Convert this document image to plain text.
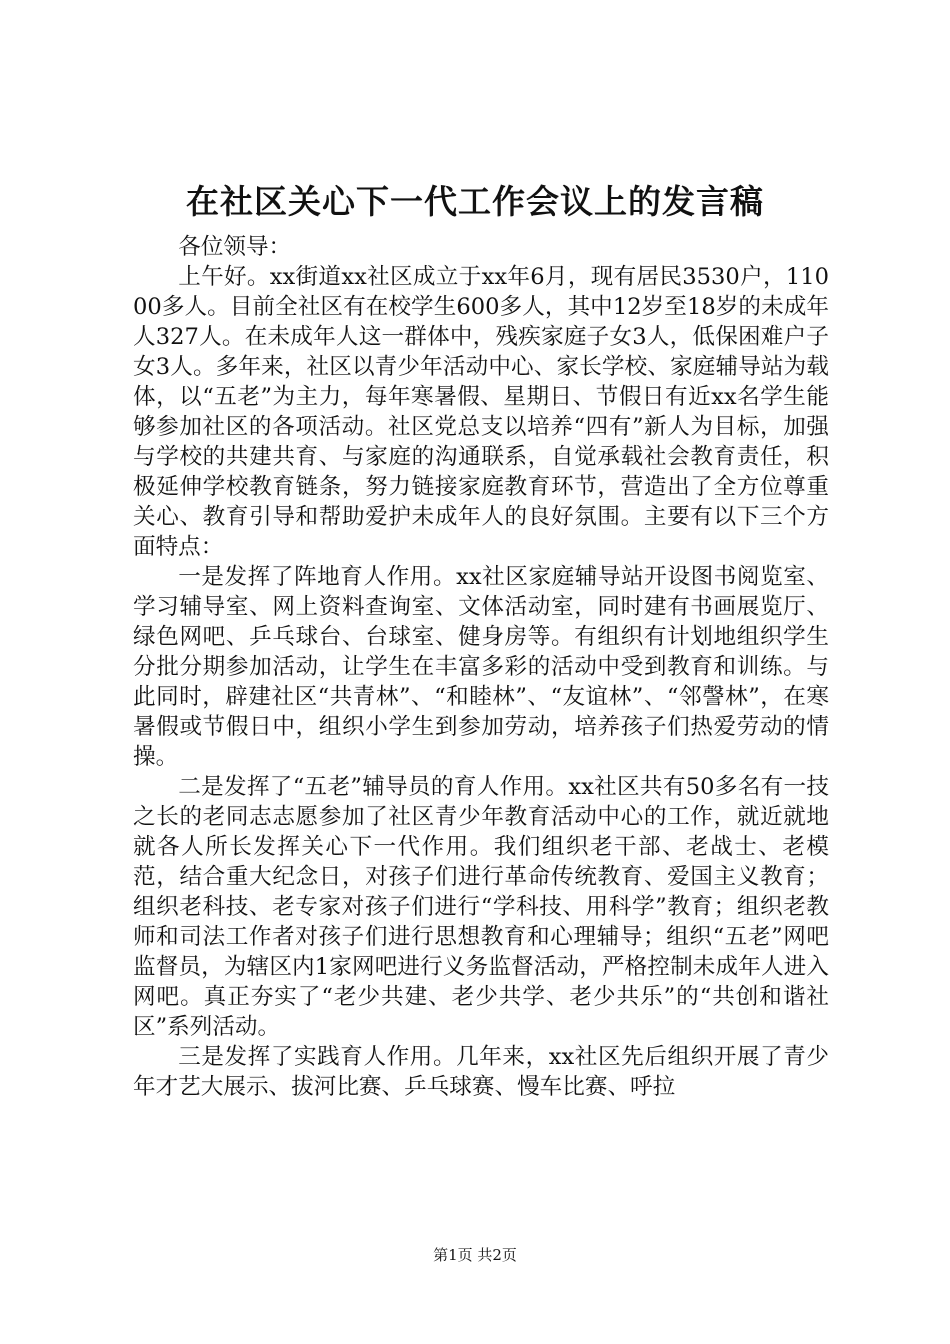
在社区关心下一代工作会议上的发言稿

各位领导：

上午好。xx街道xx社区成立于xx年6月，现有居民3530户，11000多人。目前全社区有在校学生600多人，其中12岁至18岁的未成年人327人。在未成年人这一群体中，残疾家庭子女3人，低保困难户子女3人。多年来，社区以青少年活动中心、家长学校、家庭辅导站为载体，以“五老”为主力，每年寒暑假、星期日、节假日有近xx名学生能够参加社区的各项活动。社区党总支以培养“四有”新人为目标，加强与学校的共建共育、与家庭的沟通联系，自觉承载社会教育责任，积极延伸学校教育链条，努力链接家庭教育环节，营造出了全方位尊重关心、教育引导和帮助爱护未成年人的良好氛围。主要有以下三个方面特点：

一是发挥了阵地育人作用。xx社区家庭辅导站开设图书阅览室、学习辅导室、网上资料查询室、文体活动室，同时建有书画展览厅、绿色网吧、乒乓球台、台球室、健身房等。有组织有计划地组织学生分批分期参加活动，让学生在丰富多彩的活动中受到教育和训练。与此同时，辟建社区“共青林”、“和睦林”、“友谊林”、“邻謦林”，在寒暑假或节假日中，组织小学生到参加劳动，培养孩子们热爱劳动的情操。

二是发挥了“五老”辅导员的育人作用。xx社区共有50多名有一技之长的老同志志愿参加了社区青少年教育活动中心的工作，就近就地就各人所长发挥关心下一代作用。我们组织老干部、老战士、老模范，结合重大纪念日，对孩子们进行革命传统教育、爱国主义教育；组织老科技、老专家对孩子们进行“学科技、用科学”教育；组织老教师和司法工作者对孩子们进行思想教育和心理辅导；组织“五老”网吧监督员，为辖区内1家网吧进行义务监督活动，严格控制未成年人进入网吧。真正夯实了“老少共建、老少共学、老少共乐”的“共创和谐社区”系列活动。

三是发挥了实践育人作用。几年来，xx社区先后组织开展了青少年才艺大展示、拔河比赛、乒乓球赛、慢车比赛、呼拉

第1页 共2页
